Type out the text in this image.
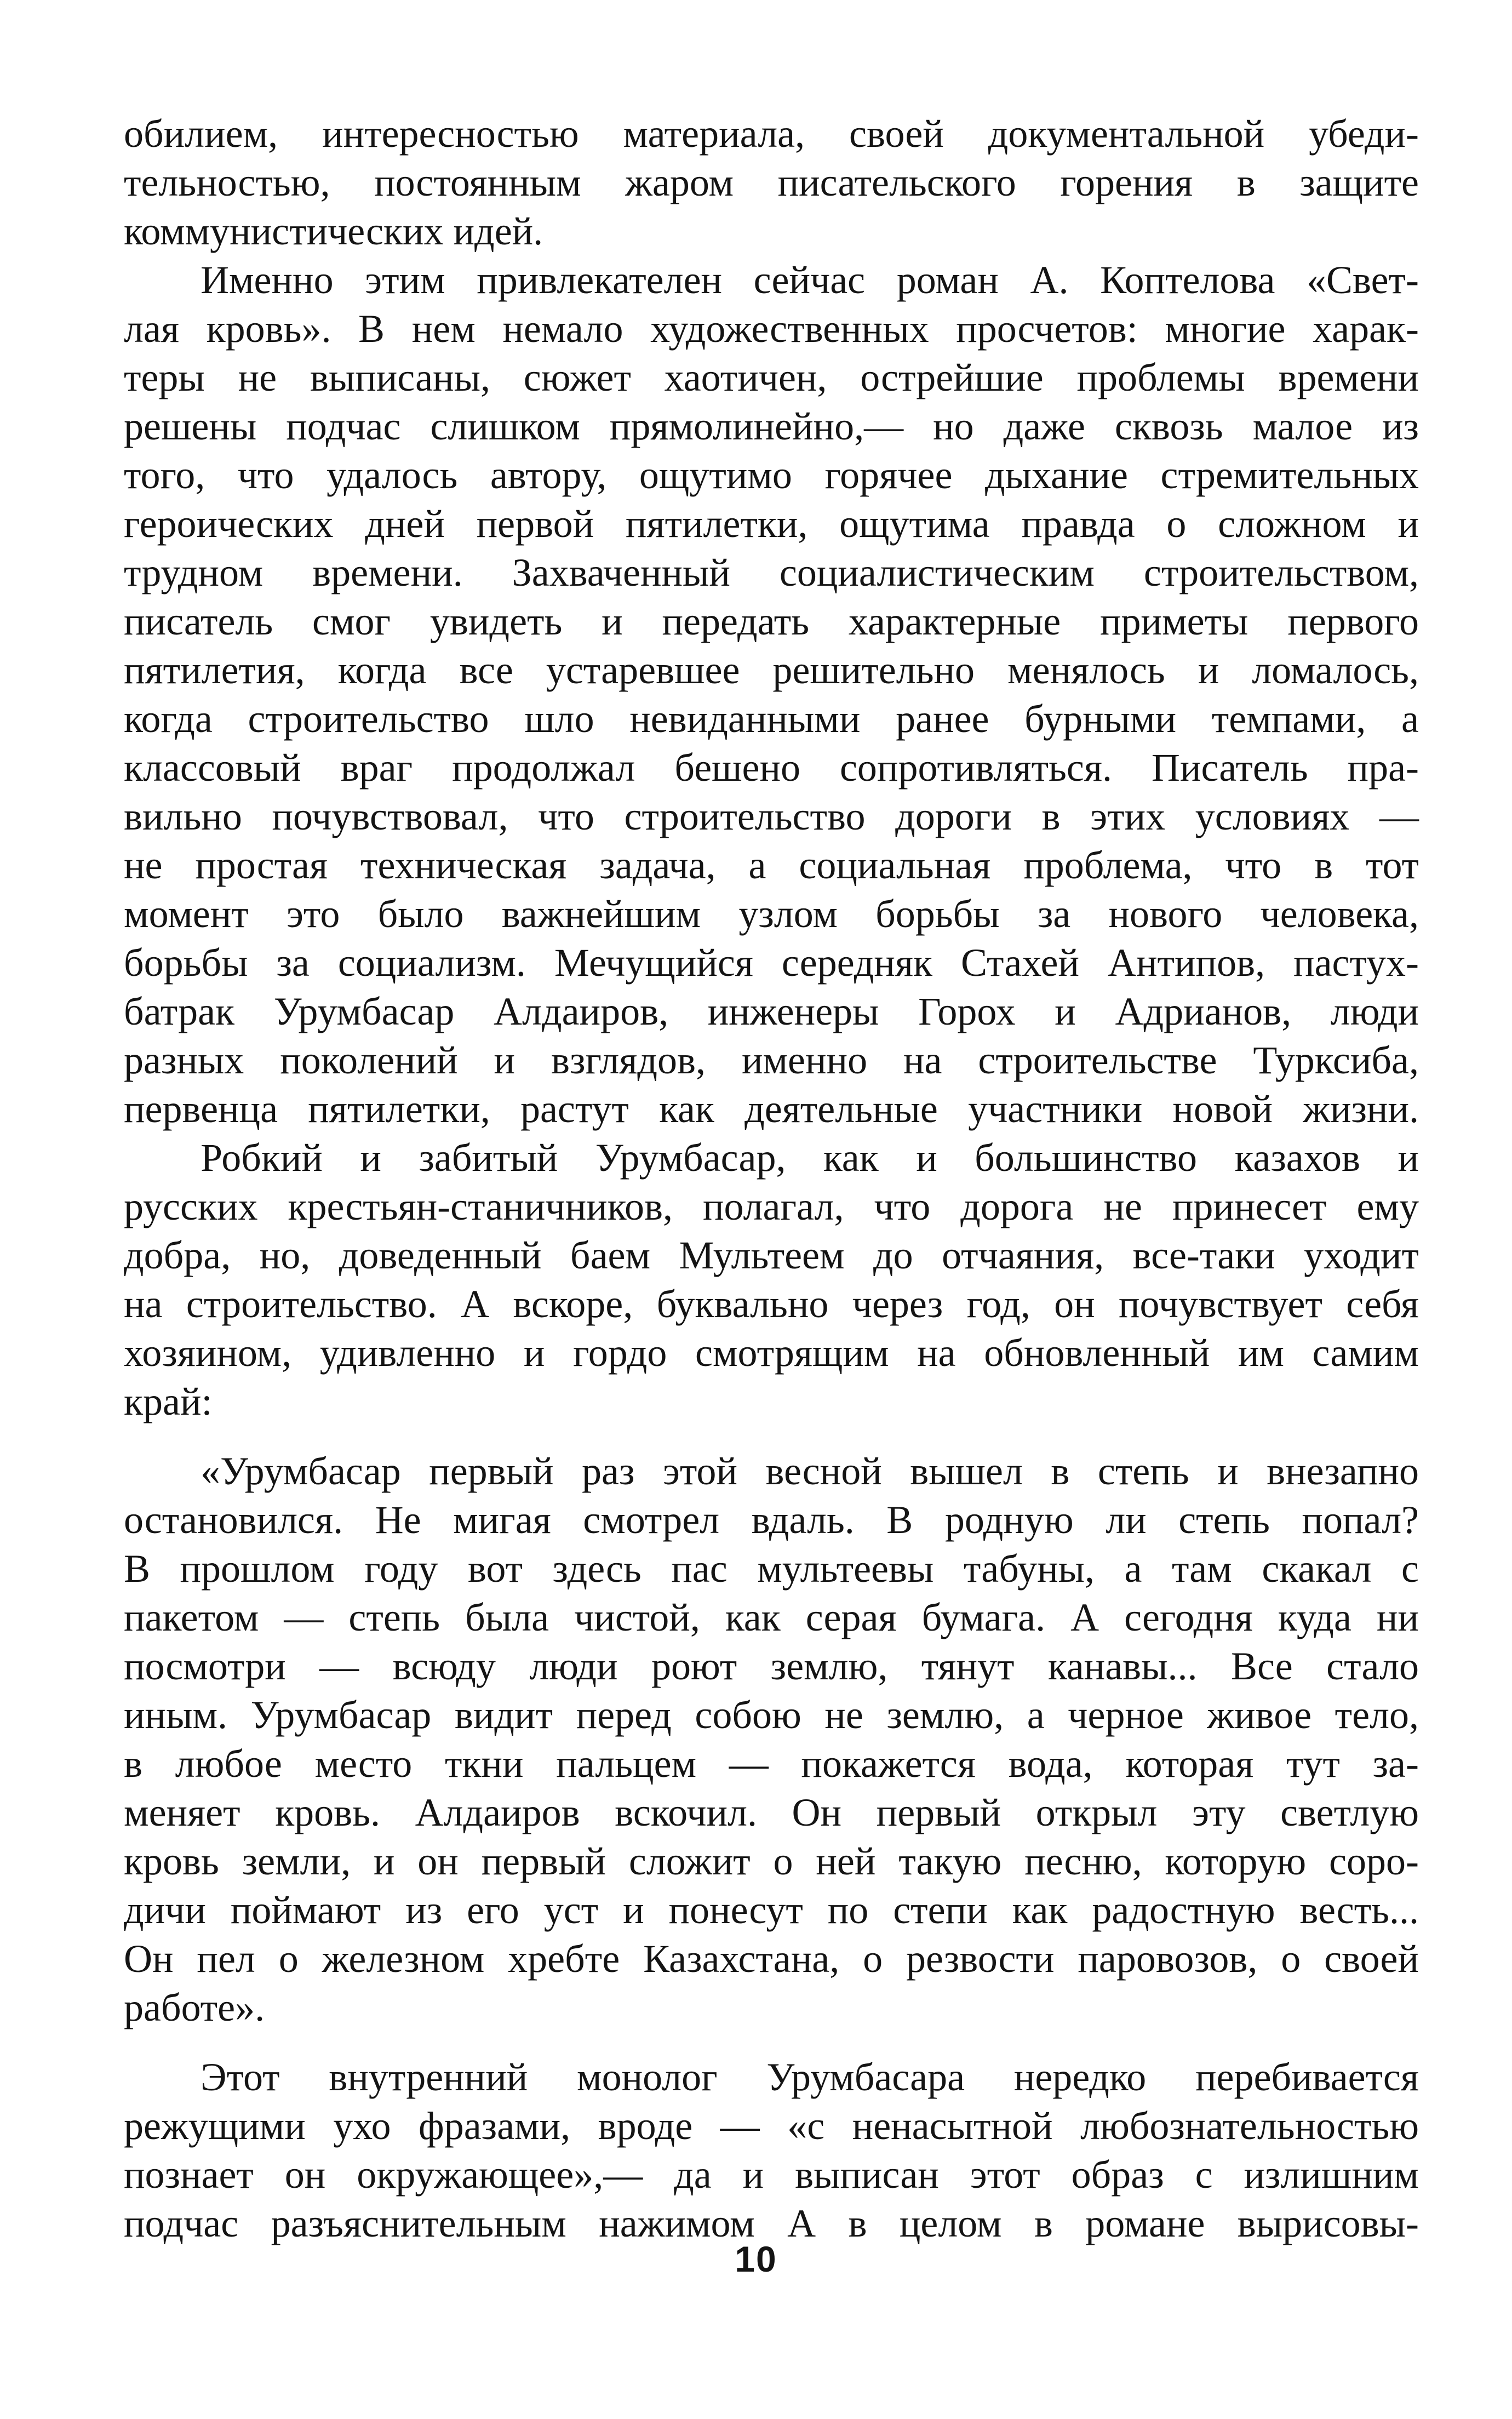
обилием, интересностью материала, своей документальной убеди-
тельностью, постоянным жаром писательского горения в защите

коммунистических идей.

Именно этим привлекателен сейчас роман А. Коптелова «Свет-
лая кровь». В нем немало художественных просчетов: многие харак-
теры не выписаны, сюжет хаотичен, острейшие проблемы времени
решены подчас слишком прямолинейно,— но даже сквозь малое из
того, что удалось автору, ощутимо горячее дыхание стремительных
героических дней первой пятилетки, ощутима правда о сложном и
трудном времени. Захваченный социалистическим строительством,
писатель смог увидеть и передать характерные приметы первого
пятилетия, когда все устаревшее решительно менялось и ломалось,
когда строительство шло невиданными ранее бурными темпами, а
классовый враг продолжал бешено сопротивляться. Писатель пра-
вильно почувствовал, что строительство дороги в этих условиях —
не простая техническая задача, а социальная проблема, что в тот
момент это было важнейшим узлом борьбы за нового человека,
борьбы за социализм. Мечущийся середняк Стахей Антипов, пастух-
батрак Урумбасар Алдаиров, инженеры Горох и Адрианов, люди
разных поколений и взглядов, именно на строительстве Турксиба,

первенца пятилетки, растут как деятельные участники новой жизни.

Робкий и забитый Урумбасар, как и большинство казахов и
русских крестьян-станичников, полагал, что дорога не принесет ему
добра, но, доведенный баем Мультеем до отчаяния, все-таки уходит
на строительство. А вскоре, буквально через год, он почувствует себя
хозяином, удивленно и гордо смотрящим на обновленный им самим

край:

«Урумбасар первый раз этой весной вышел в степь и внезапно
остановился. Не мигая смотрел вдаль. В родную ли степь попал?
В прошлом году вот здесь пас мультеевы табуны, а там скакал с
пакетом — степь была чистой, как серая бумага. А сегодня куда ни
посмотри — всюду люди роют землю, тянут канавы... Все стало
иным. Урумбасар видит перед собою не землю, а черное живое тело,
в любое место ткни пальцем — покажется вода, которая тут за-
меняет кровь. Алдаиров вскочил. Он первый открыл эту светлую
кровь земли, и он первый сложит о ней такую песню, которую соро-
дичи поймают из его уст и понесут по степи как радостную весть...
Он пел о железном хребте Казахстана, о резвости паровозов, о своей

работе».

Этот внутренний монолог Урумбасара нередко перебивается
режущими ухо фразами, вроде — «с ненасытной любознательностью
познает он окружающее»,— да и выписан этот образ с излишним

подчас разъяснительным нажимом А в целом в романе вырисовы-

10
